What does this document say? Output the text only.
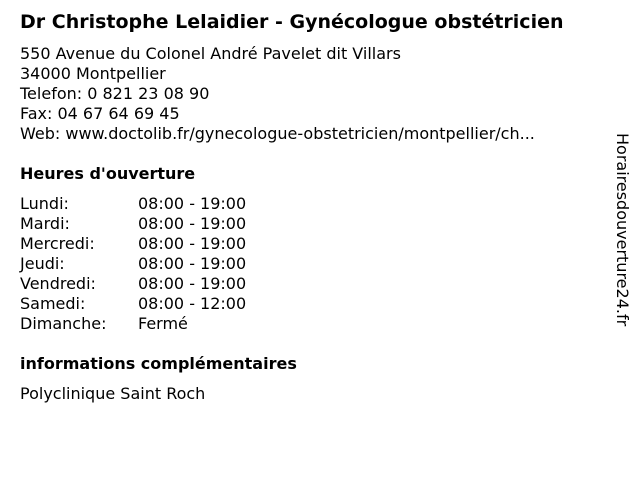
Dr Christophe Lelaidier - Gynécologue obstétricien
550 Avenue du Colonel André Pavelet dit Villars
34000 Montpellier
Telefon: 0 821 23 08 90
Fax: 04 67 64 69 45
Web: www.doctolib.fr/gynecologue-obstetricien/montpellier/ch...
Heures d'ouverture
Lundi:	08:00 - 19:00
Mardi:	08:00 - 19:00
Mercredi:	08:00 - 19:00
Jeudi:	08:00 - 19:00
Vendredi:	08:00 - 19:00
Samedi:	08:00 - 12:00
Dimanche:	Fermé
informations complémentaires
Polyclinique Saint Roch
Horairesdouverture24.fr
